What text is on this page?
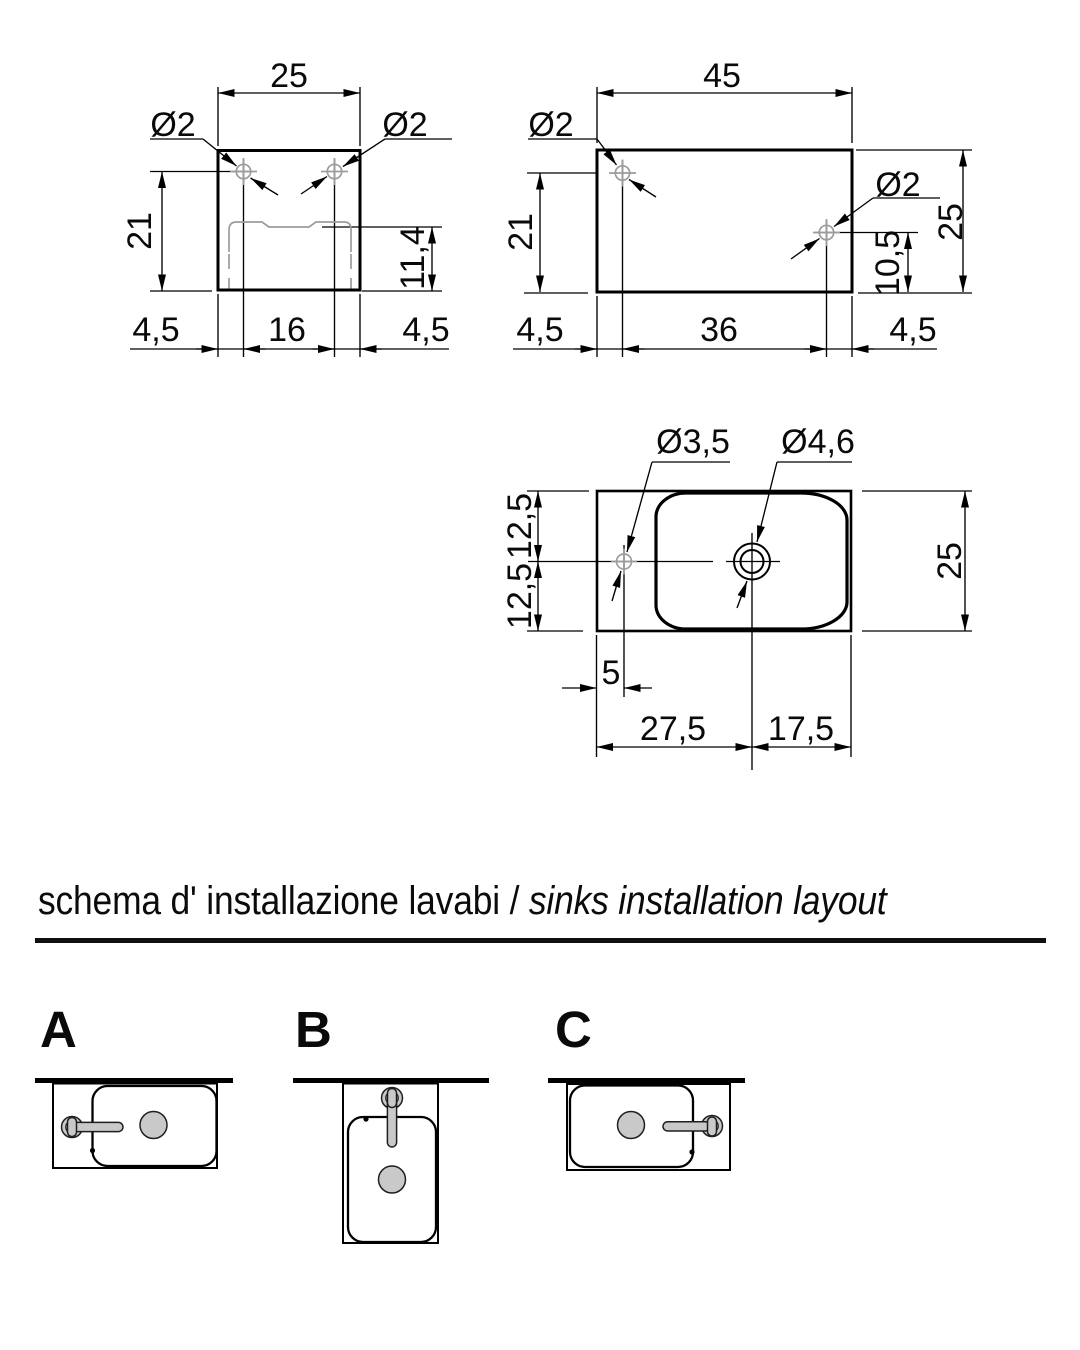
25
Ø2	Ø2
21	11,4
4,5	16	4,5
45
Ø2
Ø2
21	10,5
25
4,5	36	4,5
Ø3,5 Ø4,6
12,5
12,5
25
5
27,5 17,5
A	B	C
schema d' installazione lavabi / sinks installation layout
